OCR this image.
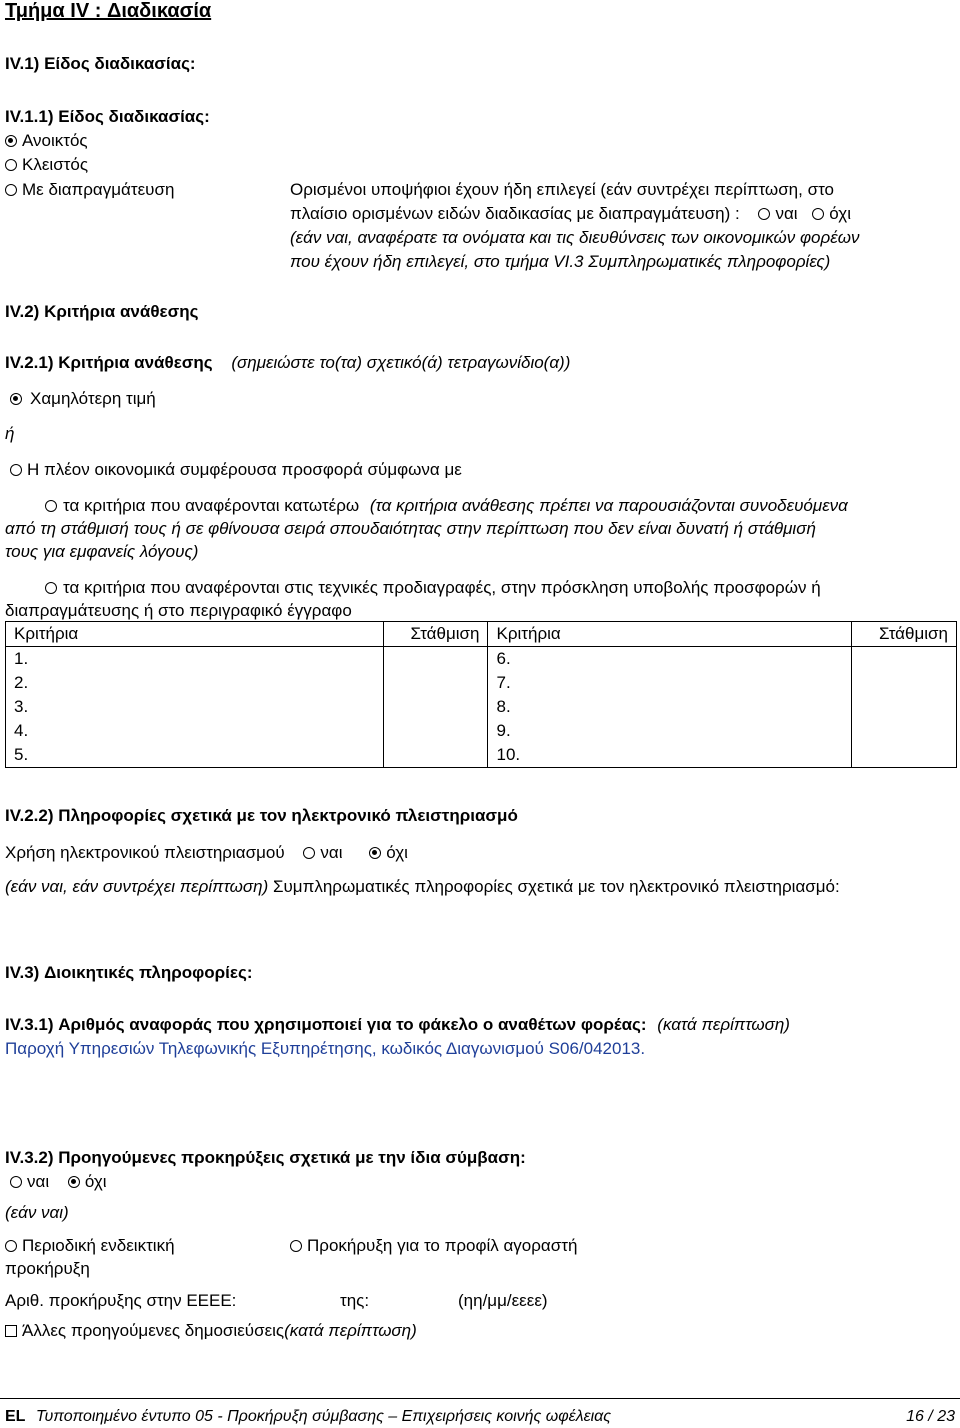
Τμήμα IV : Διαδικασία
IV.1) Είδος διαδικασίας:
IV.1.1) Είδος διαδικασίας:
Ανοικτός
Κλειστός
Με διαπραγμάτευση	Ορισμένοι υποψήφιοι έχουν ήδη επιλεγεί (εάν συντρέχει περίπτωση, στο
πλαίσιο ορισμένων ειδών διαδικασίας με διαπραγμάτευση) : ναι όχι
(εάν ναι, αναφέρατε τα ονόματα και τις διευθύνσεις των οικονομικών φορέων
που έχουν ήδη επιλεγεί, στο τμήμα VI.3 Συμπληρωματικές πληροφορίες)
IV.2) Κριτήρια ανάθεσης
IV.2.1) Κριτήρια ανάθεσης (σημειώστε το(τα) σχετικό(ά) τετραγωνίδιο(α))
Χαμηλότερη τιμή
ή
Η πλέον οικονομικά συμφέρουσα προσφορά σύμφωνα με
τα κριτήρια που αναφέρονται κατωτέρω (τα κριτήρια ανάθεσης πρέπει να παρουσιάζονται συνοδευόμενα
από τη στάθμισή τους ή σε φθίνουσα σειρά σπουδαιότητας στην περίπτωση που δεν είναι δυνατή ή στάθμισή
τους για εμφανείς λόγους)
τα κριτήρια που αναφέρονται στις τεχνικές προδιαγραφές, στην πρόσκληση υποβολής προσφορών ή
διαπραγμάτευσης ή στο περιγραφικό έγγραφο
Κριτήρια	Στάθμιση	Κριτήρια	Στάθμιση
1.		6.	
2.		7.	
3.		8.	
4.		9.	
5.		10.	
IV.2.2) Πληροφορίες σχετικά με τον ηλεκτρονικό πλειστηριασμό
Χρήση ηλεκτρονικού πλειστηριασμού ναι	όχι
(εάν ναι, εάν συντρέχει περίπτωση) Συμπληρωματικές πληροφορίες σχετικά με τον ηλεκτρονικό πλειστηριασμό:
IV.3) Διοικητικές πληροφορίες:
IV.3.1) Αριθμός αναφοράς που χρησιμοποιεί για το φάκελο ο αναθέτων φορέας: (κατά περίπτωση)
Παροχή Υπηρεσιών Τηλεφωνικής Εξυπηρέτησης, κωδικός Διαγωνισμού S06/042013.
IV.3.2) Προηγούμενες προκηρύξεις σχετικά με την ίδια σύμβαση:
ναι όχι
(εάν ναι)
Περιοδική ενδεικτική
προκήρυξη
Προκήρυξη για το προφίλ αγοραστή
Αριθ. προκήρυξης στην ΕΕΕΕ:	της:	(ηη/μμ/εεεε)
Άλλες προηγούμενες δημοσιεύσεις(κατά περίπτωση)
EL Τυποποιημένο έντυπο 05 - Προκήρυξη σύμβασης – Επιχειρήσεις κοινής ωφέλειας	16 / 23
